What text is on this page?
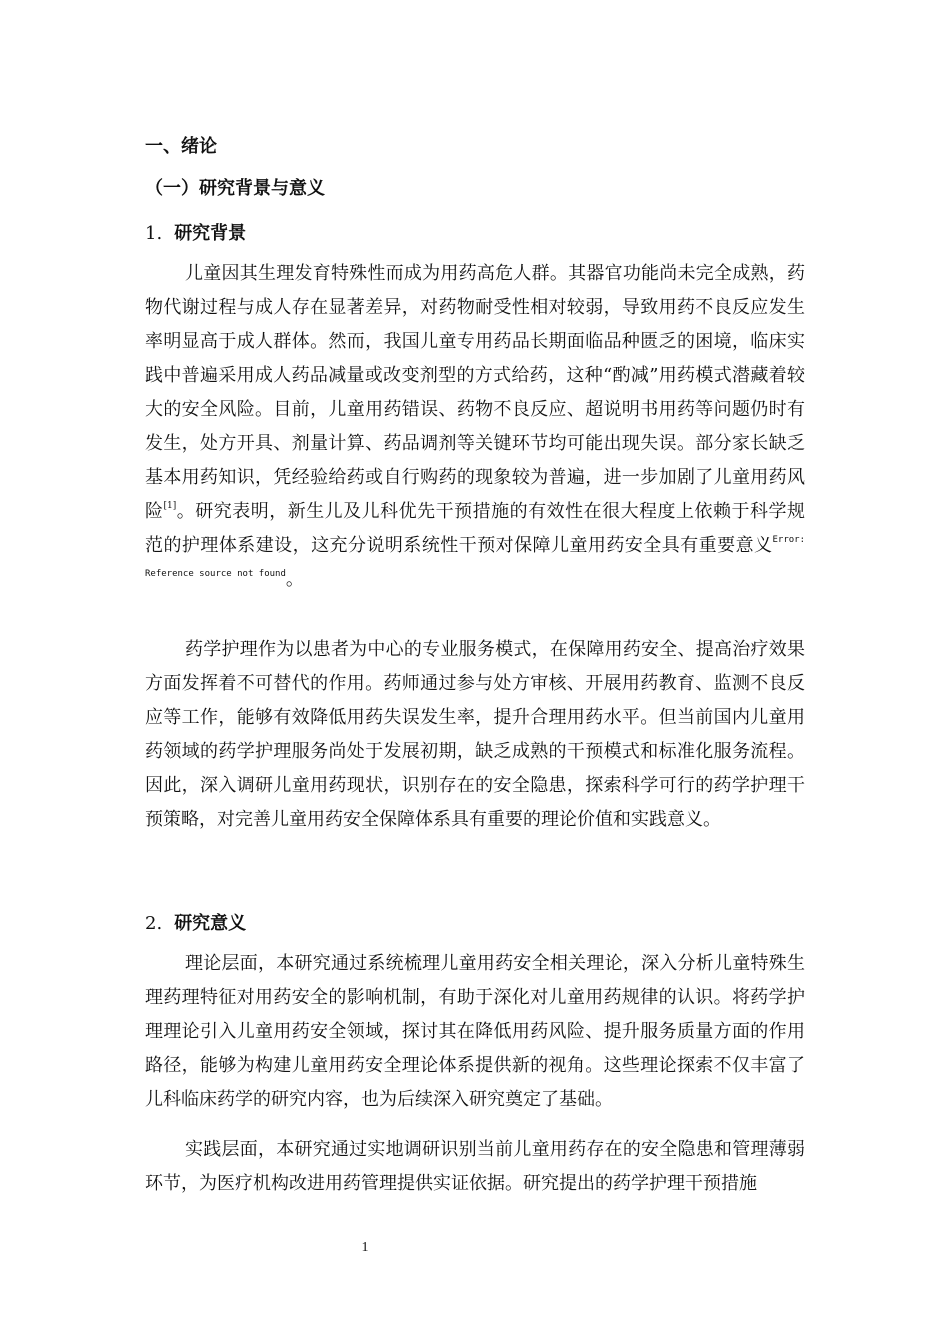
一、绪论
（一）研究背景与意义
1. 研究背景

儿童因其生理发育特殊性而成为用药高危人群。其器官功能尚未完全成熟，药物代谢过程与成人存在显著差异，对药物耐受性相对较弱，导致用药不良反应发生率明显高于成人群体。然而，我国儿童专用药品长期面临品种匮乏的困境，临床实践中普遍采用成人药品减量或改变剂型的方式给药，这种“酌减”用药模式潜藏着较大的安全风险。目前，儿童用药错误、药物不良反应、超说明书用药等问题仍时有发生，处方开具、剂量计算、药品调剂等关键环节均可能出现失误。部分家长缺乏基本用药知识，凭经验给药或自行购药的现象较为普遍，进一步加剧了儿童用药风险[1]。研究表明，新生儿及儿科优先干预措施的有效性在很大程度上依赖于科学规范的护理体系建设，这充分说明系统性干预对保障儿童用药安全具有重要意义$^{Error: Reference source not found}$。

药学护理作为以患者为中心的专业服务模式，在保障用药安全、提高治疗效果方面发挥着不可替代的作用。药师通过参与处方审核、开展用药教育、监测不良反应等工作，能够有效降低用药失误发生率，提升合理用药水平。但当前国内儿童用药领域的药学护理服务尚处于发展初期，缺乏成熟的干预模式和标准化服务流程。因此，深入调研儿童用药现状，识别存在的安全隐患，探索科学可行的药学护理干预策略，对完善儿童用药安全保障体系具有重要的理论价值和实践意义。

2. 研究意义

理论层面，本研究通过系统梳理儿童用药安全相关理论，深入分析儿童特殊生理药理特征对用药安全的影响机制，有助于深化对儿童用药规律的认识。将药学护理理论引入儿童用药安全领域，探讨其在降低用药风险、提升服务质量方面的作用路径，能够为构建儿童用药安全理论体系提供新的视角。这些理论探索不仅丰富了儿科临床药学的研究内容，也为后续深入研究奠定了基础。

实践层面，本研究通过实地调研识别当前儿童用药存在的安全隐患和管理薄弱环节，为医疗机构改进用药管理提供实证依据。研究提出的药学护理干预措施

1
